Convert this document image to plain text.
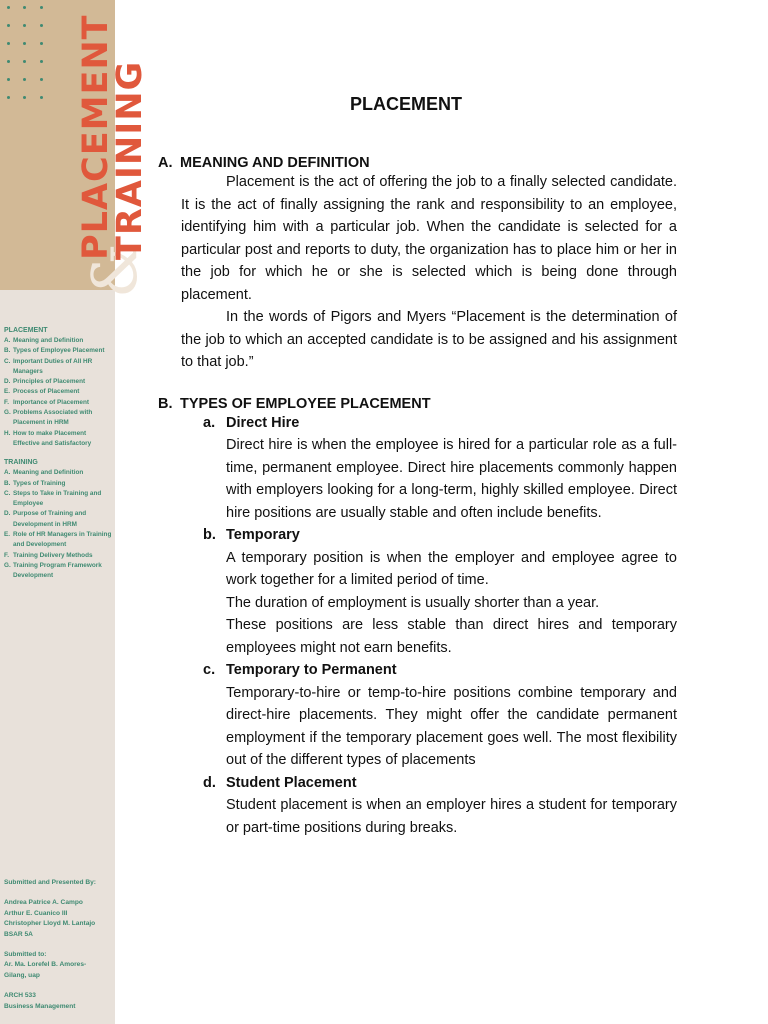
&
PLACEMENT
TRAINING
PLACEMENT
A. Meaning and Definition
B. Types of Employee Placement
C. Important Duties of All HR Managers
D. Principles of Placement
E. Process of Placement
F. Importance of Placement
G. Problems Associated with Placement in HRM
H. How to make Placement Effective and Satisfactory
TRAINING
A. Meaning and Definition
B. Types of Training
C. Steps to Take in Training and Employee
D. Purpose of Training and Development in HRM
E. Role of HR Managers in Training and Development
F. Training Delivery Methods
G. Training Program Framework Development
Submitted and Presented By:
Andrea Patrice A. Campo
Arthur E. Cuanico III
Christopher Lloyd M. Lantajo
BSAR 5A
Submitted to:
Ar. Ma. Lorefel B. Amores-
Gilang, uap
ARCH 533
Business Management
PLACEMENT
A. MEANING AND DEFINITION
Placement is the act of offering the job to a finally selected candidate. It is the act of finally assigning the rank and responsibility to an employee, identifying him with a particular job. When the candidate is selected for a particular post and reports to duty, the organization has to place him or her in the job for which he or she is selected which is being done through placement.
In the words of Pigors and Myers “Placement is the determination of the job to which an accepted candidate is to be assigned and his assignment to that job.”
B. TYPES OF EMPLOYEE PLACEMENT
a. Direct Hire
Direct hire is when the employee is hired for a particular role as a full-time, permanent employee. Direct hire placements commonly happen with employers looking for a long-term, highly skilled employee. Direct hire positions are usually stable and often include benefits.
b. Temporary
A temporary position is when the employer and employee agree to work together for a limited period of time.
The duration of employment is usually shorter than a year.
These positions are less stable than direct hires and temporary employees might not earn benefits.
c. Temporary to Permanent
Temporary-to-hire or temp-to-hire positions combine temporary and direct-hire placements. They might offer the candidate permanent employment if the temporary placement goes well. The most flexibility out of the different types of placements
d. Student Placement
Student placement is when an employer hires a student for temporary or part-time positions during breaks.
